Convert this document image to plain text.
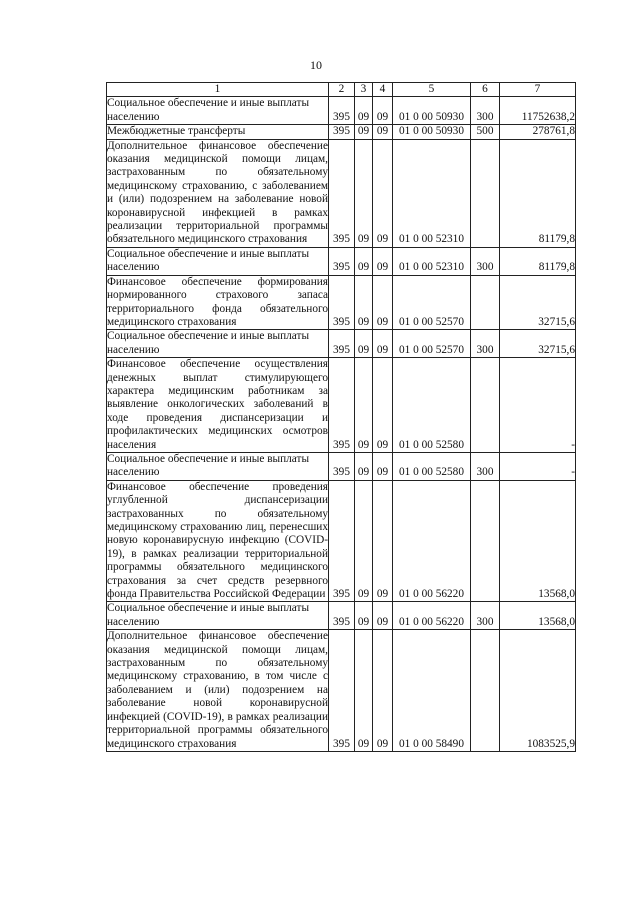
10
1	2	3	4	5	6	7

Социальное обеспечение и иные выплаты
населению	395	09	09	01 0 00 50930	300	11752638,2

Межбюджетные трансферты	395	09	09	01 0 00 50930	500	278761,8

Дополнительное финансовое обеспечение оказания медицинской помощи лицам, застрахованным по обязательному медицинскому страхованию, с заболеванием и (или) подозрением на заболевание новой коронавирусной инфекцией в рамках реализации территориальной программы обязательного медицинского страхования	395	09	09	01 0 00 52310		81179,8

Социальное обеспечение и иные выплаты
населению	395	09	09	01 0 00 52310	300	81179,8

Финансовое обеспечение формирования нормированного страхового запаса территориального фонда обязательного медицинского страхования	395	09	09	01 0 00 52570		32715,6

Социальное обеспечение и иные выплаты
населению	395	09	09	01 0 00 52570	300	32715,6

Финансовое обеспечение осуществления денежных выплат стимулирующего характера медицинским работникам за выявление онкологических заболеваний в ходе проведения диспансеризации и профилактических медицинских осмотров населения	395	09	09	01 0 00 52580		-

Социальное обеспечение и иные выплаты
населению	395	09	09	01 0 00 52580	300	-

Финансовое обеспечение проведения углубленной диспансеризации застрахованных по обязательному медицинскому страхованию лиц, перенесших новую коронавирусную инфекцию (COVID-19), в рамках реализации территориальной программы обязательного медицинского страхования за счет средств резервного фонда Правительства Российской Федерации	395	09	09	01 0 00 56220		13568,0

Социальное обеспечение и иные выплаты
населению	395	09	09	01 0 00 56220	300	13568,0

Дополнительное финансовое обеспечение оказания медицинской помощи лицам, застрахованным по обязательному медицинскому страхованию, в том числе с заболеванием и (или) подозрением на заболевание новой коронавирусной инфекцией (COVID-19), в рамках реализации территориальной программы обязательного медицинского страхования	395	09	09	01 0 00 58490		1083525,9
